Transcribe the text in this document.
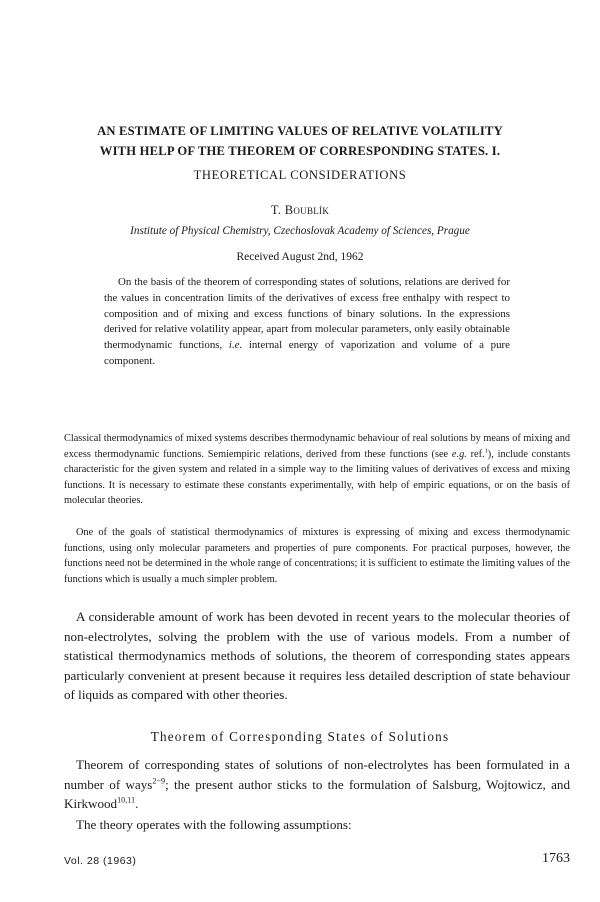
AN ESTIMATE OF LIMITING VALUES OF RELATIVE VOLATILITY
WITH HELP OF THE THEOREM OF CORRESPONDING STATES. I.
THEORETICAL CONSIDERATIONS
T. Boublík
Institute of Physical Chemistry, Czechoslovak Academy of Sciences, Prague
Received August 2nd, 1962

On the basis of the theorem of corresponding states of solutions, relations are derived for the values in concentration limits of the derivatives of excess free enthalpy with respect to composition and of mixing and excess functions of binary solutions. In the expressions derived for relative volatility appear, apart from molecular parameters, only easily obtainable thermodynamic functions, i.e. internal energy of vaporization and volume of a pure component.

Classical thermodynamics of mixed systems describes thermodynamic behaviour of real solutions by means of mixing and excess thermodynamic functions. Semiempiric relations, derived from these functions (see e.g. ref.$^1$), include constants characteristic for the given system and related in a simple way to the limiting values of derivatives of excess and mixing functions. It is necessary to estimate these constants experimentally, with help of empiric equations, or on the basis of molecular theories.

One of the goals of statistical thermodynamics of mixtures is expressing of mixing and excess thermodynamic functions, using only molecular parameters and properties of pure components. For practical purposes, however, the functions need not be determined in the whole range of concentrations; it is sufficient to estimate the limiting values of the functions which is usually a much simpler problem.

A considerable amount of work has been devoted in recent years to the molecular theories of non-electrolytes, solving the problem with the use of various models. From a number of statistical thermodynamics methods of solutions, the theorem of corresponding states appears particularly convenient at present because it requires less detailed description of state behaviour of liquids as compared with other theories.

Theorem of Corresponding States of Solutions

Theorem of corresponding states of solutions of non-electrolytes has been formulated in a number of ways$^{2-9}$; the present author sticks to the formulation of Salsburg, Wojtowicz, and Kirkwood$^{10,11}$.

The theory operates with the following assumptions:

Vol. 28 (1963)	1763
